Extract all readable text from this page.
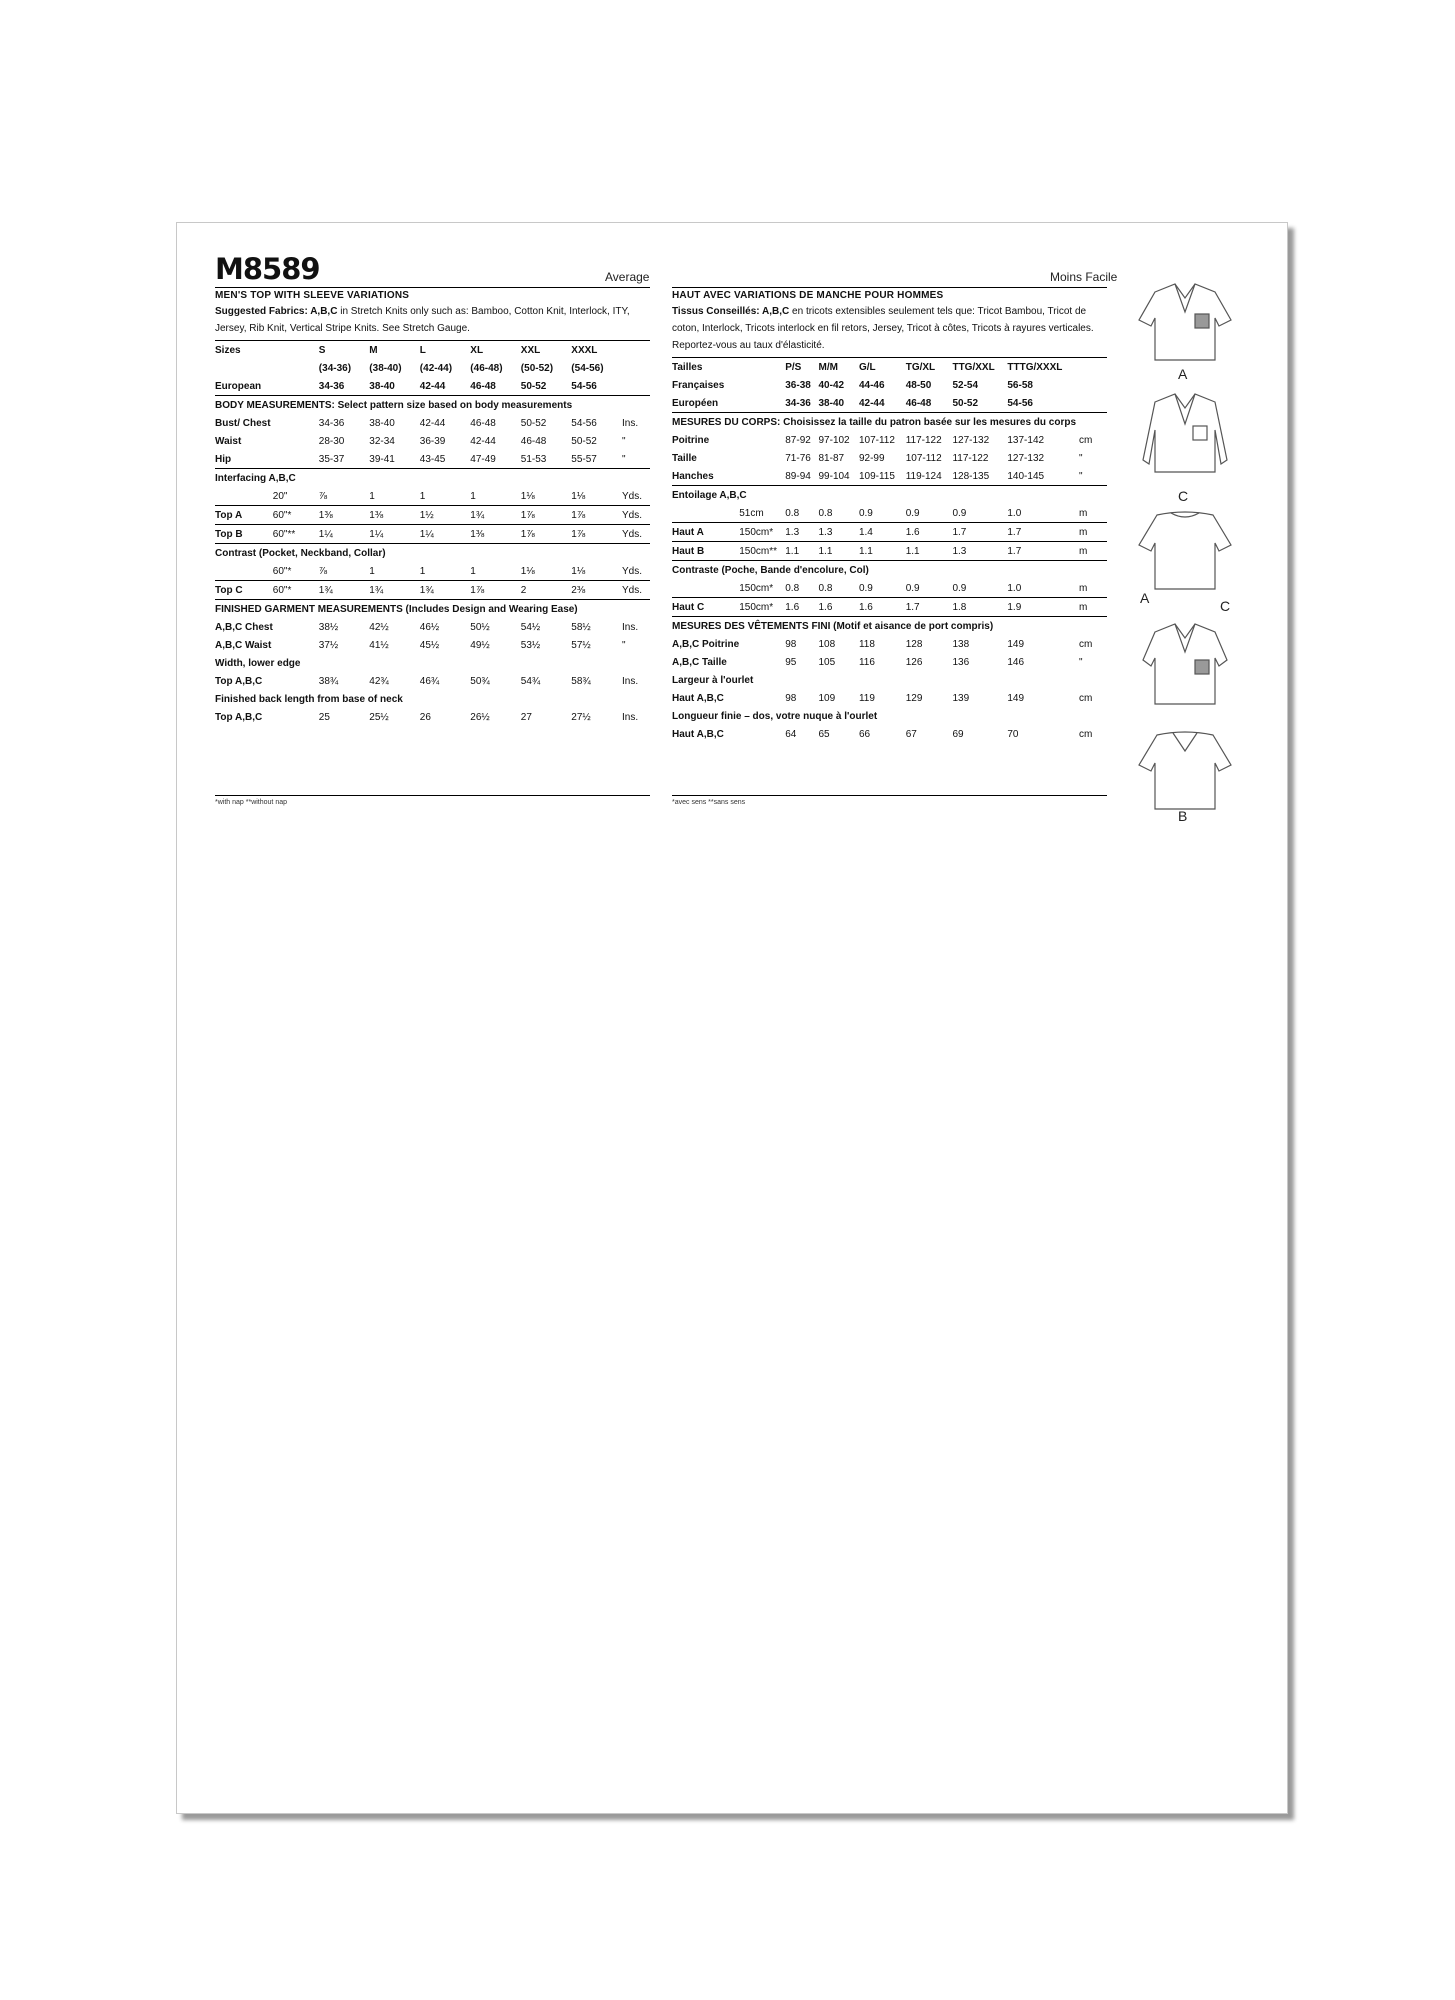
M8589	Average	Moins Facile
MEN'S TOP WITH SLEEVE VARIATIONS
Suggested Fabrics: A,B,C in Stretch Knits only such as: Bamboo, Cotton Knit, Interlock, ITY, Jersey, Rib Knit, Vertical Stripe Knits. See Stretch Gauge.
Sizes		S	M	L	XL	XXL	XXXL	
		(34-36)	(38-40)	(42-44)	(46-48)	(50-52)	(54-56)	
European		34-36	38-40	42-44	46-48	50-52	54-56	
BODY MEASUREMENTS: Select pattern size based on body measurements								
Bust/ Chest		34-36	38-40	42-44	46-48	50-52	54-56	Ins.
Waist		28-30	32-34	36-39	42-44	46-48	50-52	"
Hip		35-37	39-41	43-45	47-49	51-53	55-57	"
Interfacing A,B,C								
	20"	⅞	1	1	1	1⅛	1⅛	Yds.
Top A	60"*	1⅜	1⅜	1½	1¾	1⅞	1⅞	Yds.
Top B	60"**	1¼	1¼	1¼	1⅜	1⅞	1⅞	Yds.
Contrast (Pocket, Neckband, Collar)								
	60"*	⅞	1	1	1	1⅛	1⅛	Yds.
Top C	60"*	1¾	1¾	1¾	1⅞	2	2⅜	Yds.
FINISHED GARMENT MEASUREMENTS (Includes Design and Wearing Ease)								
A,B,C Chest		38½	42½	46½	50½	54½	58½	Ins.
A,B,C Waist		37½	41½	45½	49½	53½	57½	"
Width, lower edge								
Top A,B,C		38¾	42¾	46¾	50¾	54¾	58¾	Ins.
Finished back length from base of neck								
Top A,B,C		25	25½	26	26½	27	27½	Ins.
HAUT AVEC VARIATIONS DE MANCHE POUR HOMMES
Tissus Conseillés: A,B,C en tricots extensibles seulement tels que: Tricot Bambou, Tricot de coton, Interlock, Tricots interlock en fil retors, Jersey, Tricot à côtes, Tricots à rayures verticales. Reportez-vous au taux d'élasticité.
Tailles		P/S	M/M	G/L	TG/XL	TTG/XXL	TTTG/XXXL	
Françaises		36-38	40-42	44-46	48-50	52-54	56-58	
Européen		34-36	38-40	42-44	46-48	50-52	54-56	
MESURES DU CORPS: Choisissez la taille du patron basée sur les mesures du corps								
Poitrine		87-92	97-102	107-112	117-122	127-132	137-142	cm
Taille		71-76	81-87	92-99	107-112	117-122	127-132	"
Hanches		89-94	99-104	109-115	119-124	128-135	140-145	"
Entoilage A,B,C								
	51cm	0.8	0.8	0.9	0.9	0.9	1.0	m
Haut A	150cm*	1.3	1.3	1.4	1.6	1.7	1.7	m
Haut B	150cm**	1.1	1.1	1.1	1.1	1.3	1.7	m
Contraste (Poche, Bande d'encolure, Col)								
	150cm*	0.8	0.8	0.9	0.9	0.9	1.0	m
Haut C	150cm*	1.6	1.6	1.6	1.7	1.8	1.9	m
MESURES DES VÊTEMENTS FINI (Motif et aisance de port compris)								
A,B,C Poitrine		98	108	118	128	138	149	cm
A,B,C Taille		95	105	116	126	136	146	"
Largeur à l'ourlet								
Haut A,B,C		98	109	119	129	139	149	cm
Longueur finie – dos, votre nuque à l'ourlet								
Haut A,B,C		64	65	66	67	69	70	cm
*with nap **without nap	*avec sens **sans sens
A
C
A	C
B
